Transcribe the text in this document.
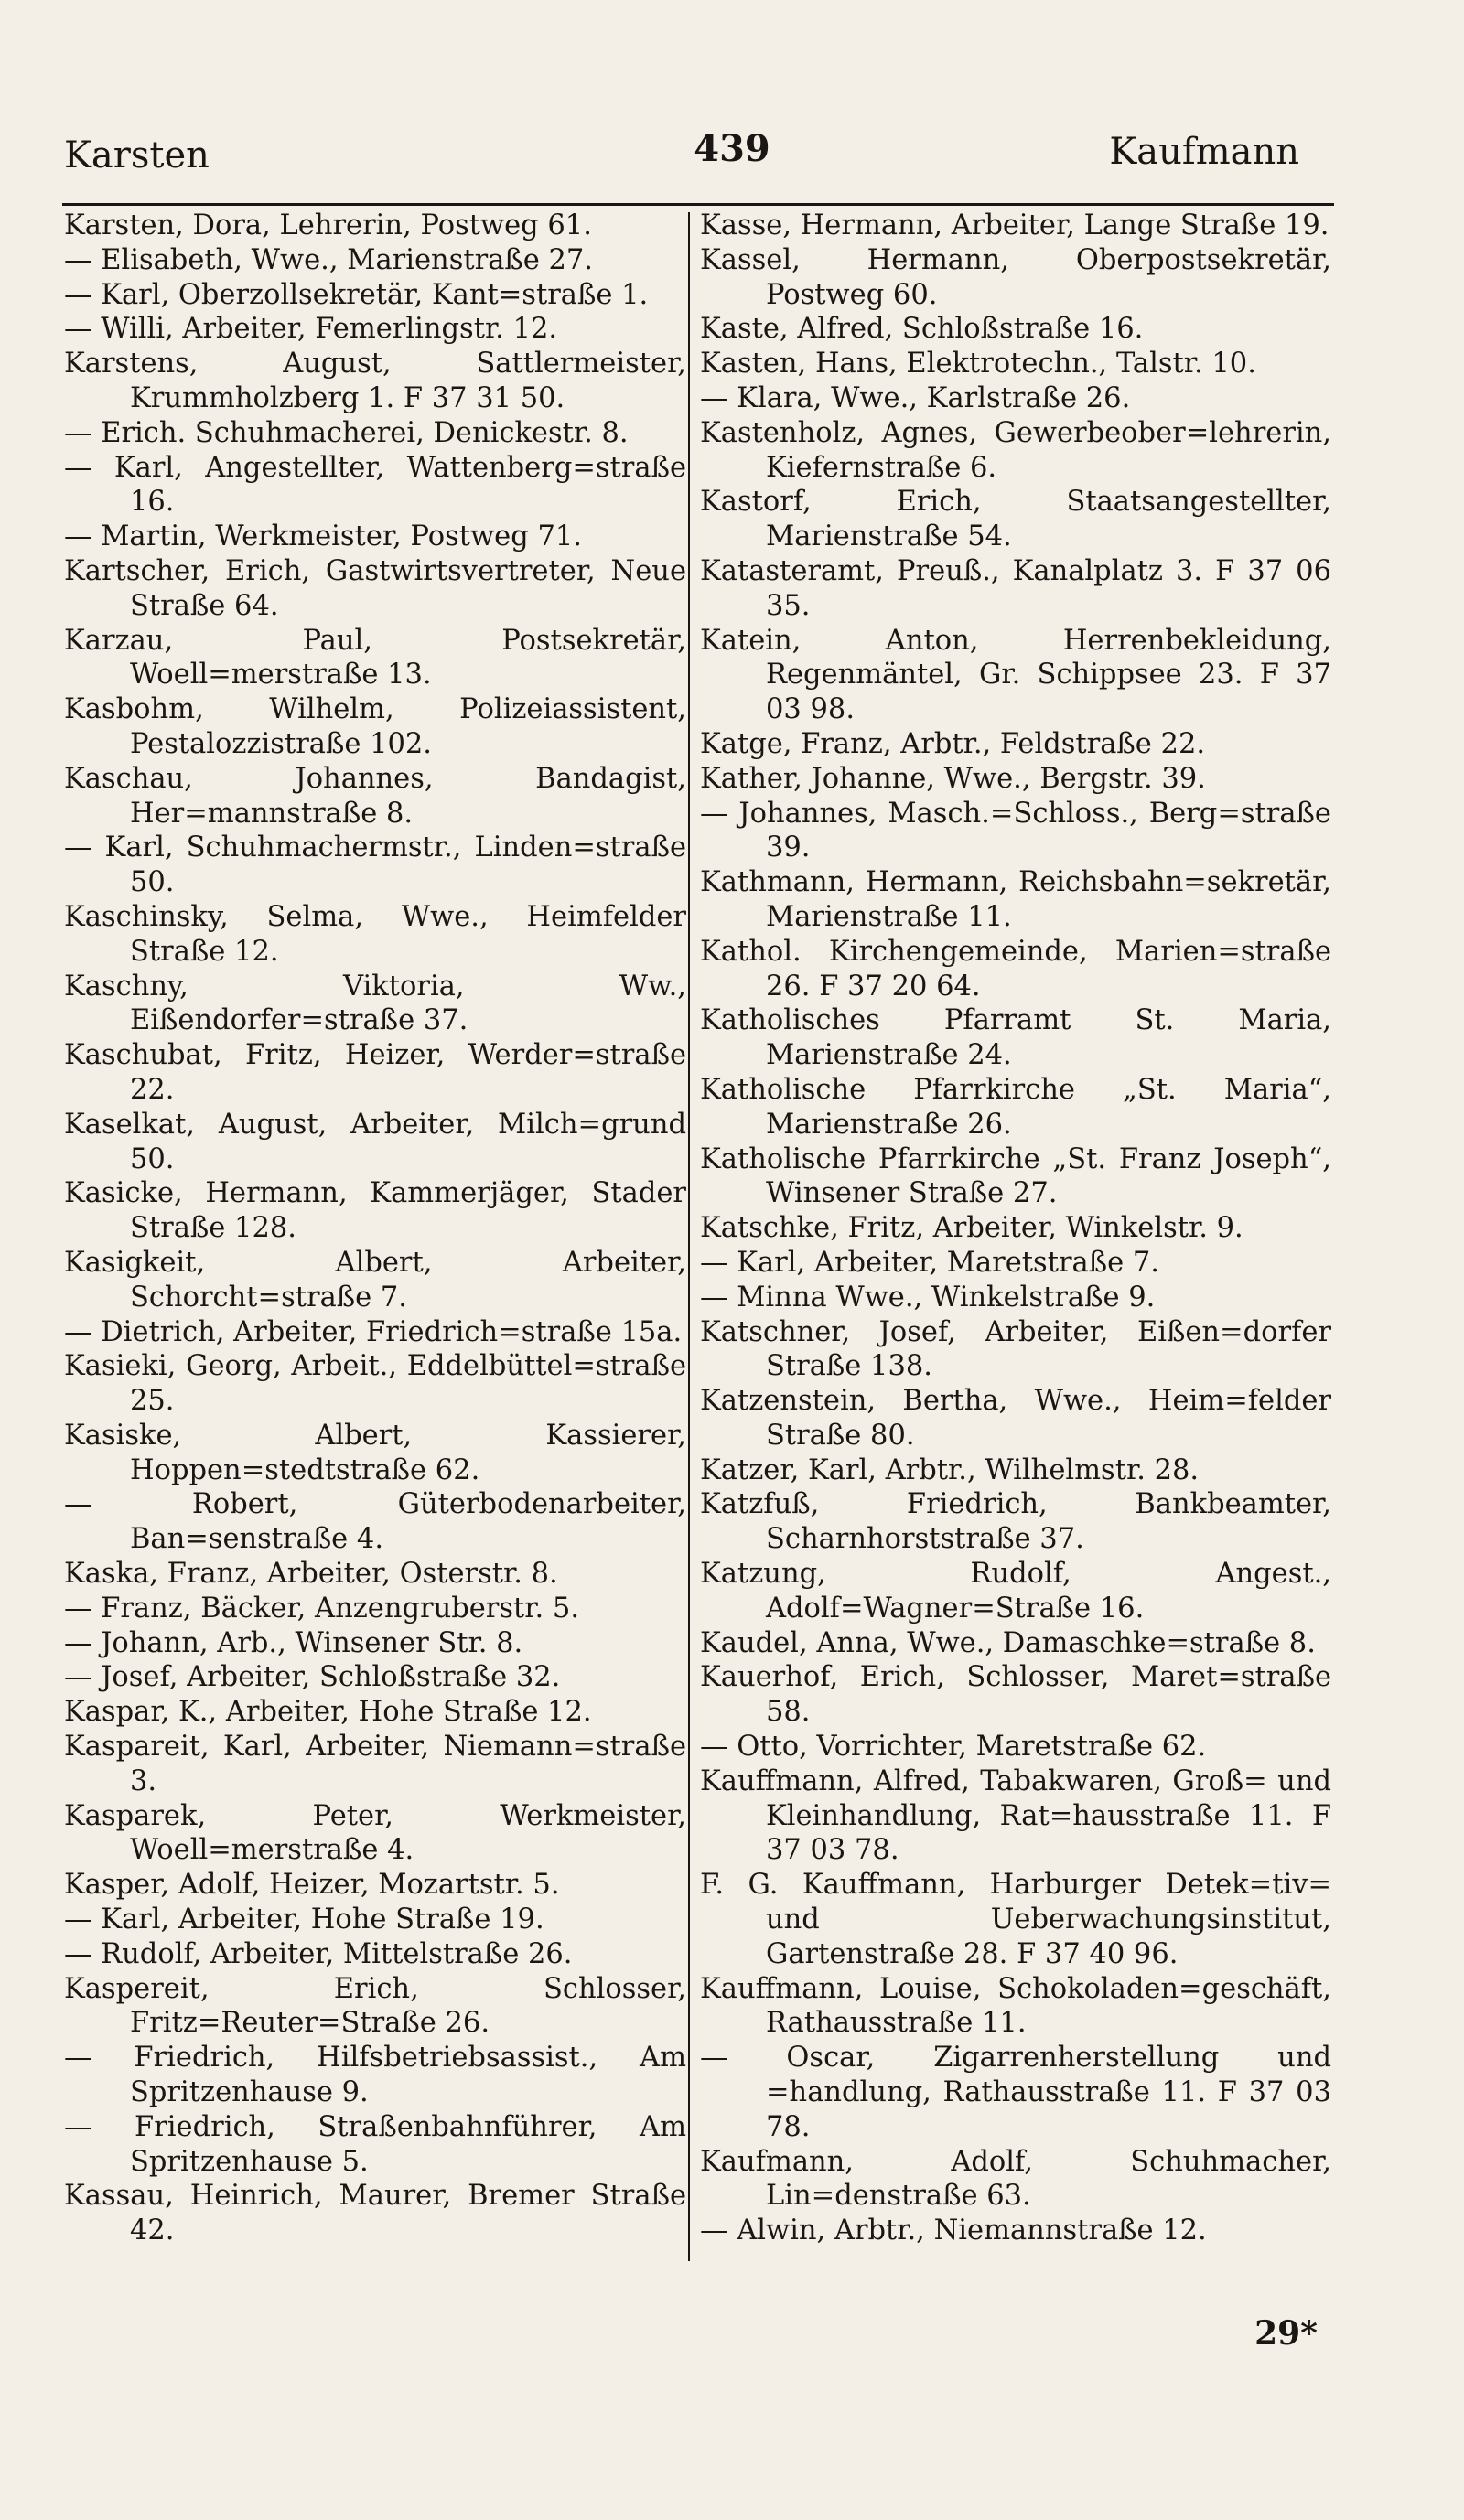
Karsten	439	Kaufmann
Karsten, Dora, Lehrerin, Postweg 61.
— Elisabeth, Wwe., Marienstraße 27.
— Karl, Oberzollsekretär, Kant=straße 1.
— Willi, Arbeiter, Femerlingstr. 12.
Karstens, August, Sattlermeister, Krummholzberg 1. F 37 31 50.
— Erich. Schuhmacherei, Denickestr. 8.
— Karl, Angestellter, Wattenberg=straße 16.
— Martin, Werkmeister, Postweg 71.
Kartscher, Erich, Gastwirtsvertreter, Neue Straße 64.
Karzau, Paul, Postsekretär, Woell=merstraße 13.
Kasbohm, Wilhelm, Polizeiassistent, Pestalozzistraße 102.
Kaschau, Johannes, Bandagist, Her=mannstraße 8.
— Karl, Schuhmachermstr., Linden=straße 50.
Kaschinsky, Selma, Wwe., Heimfelder Straße 12.
Kaschny, Viktoria, Ww., Eißendorfer=straße 37.
Kaschubat, Fritz, Heizer, Werder=straße 22.
Kaselkat, August, Arbeiter, Milch=grund 50.
Kasicke, Hermann, Kammerjäger, Stader Straße 128.
Kasigkeit, Albert, Arbeiter, Schorcht=straße 7.
— Dietrich, Arbeiter, Friedrich=straße 15a.
Kasieki, Georg, Arbeit., Eddelbüttel=straße 25.
Kasiske, Albert, Kassierer, Hoppen=stedtstraße 62.
— Robert, Güterbodenarbeiter, Ban=senstraße 4.
Kaska, Franz, Arbeiter, Osterstr. 8.
— Franz, Bäcker, Anzengruberstr. 5.
— Johann, Arb., Winsener Str. 8.
— Josef, Arbeiter, Schloßstraße 32.
Kaspar, K., Arbeiter, Hohe Straße 12.
Kaspareit, Karl, Arbeiter, Niemann=straße 3.
Kasparek, Peter, Werkmeister, Woell=merstraße 4.
Kasper, Adolf, Heizer, Mozartstr. 5.
— Karl, Arbeiter, Hohe Straße 19.
— Rudolf, Arbeiter, Mittelstraße 26.
Kaspereit, Erich, Schlosser, Fritz=Reuter=Straße 26.
— Friedrich, Hilfsbetriebsassist., Am Spritzenhause 9.
— Friedrich, Straßenbahnführer, Am Spritzenhause 5.
Kassau, Heinrich, Maurer, Bremer Straße 42.
Kasse, Hermann, Arbeiter, Lange Straße 19.
Kassel, Hermann, Oberpostsekretär, Postweg 60.
Kaste, Alfred, Schloßstraße 16.
Kasten, Hans, Elektrotechn., Talstr. 10.
— Klara, Wwe., Karlstraße 26.
Kastenholz, Agnes, Gewerbeober=lehrerin, Kiefernstraße 6.
Kastorf, Erich, Staatsangestellter, Marienstraße 54.
Katasteramt, Preuß., Kanalplatz 3. F 37 06 35.
Katein, Anton, Herrenbekleidung, Regenmäntel, Gr. Schippsee 23. F 37 03 98.
Katge, Franz, Arbtr., Feldstraße 22.
Kather, Johanne, Wwe., Bergstr. 39.
— Johannes, Masch.=Schloss., Berg=straße 39.
Kathmann, Hermann, Reichsbahn=sekretär, Marienstraße 11.
Kathol. Kirchengemeinde, Marien=straße 26. F 37 20 64.
Katholisches Pfarramt St. Maria, Marienstraße 24.
Katholische Pfarrkirche „St. Maria“, Marienstraße 26.
Katholische Pfarrkirche „St. Franz Joseph“, Winsener Straße 27.
Katschke, Fritz, Arbeiter, Winkelstr. 9.
— Karl, Arbeiter, Maretstraße 7.
— Minna Wwe., Winkelstraße 9.
Katschner, Josef, Arbeiter, Eißen=dorfer Straße 138.
Katzenstein, Bertha, Wwe., Heim=felder Straße 80.
Katzer, Karl, Arbtr., Wilhelmstr. 28.
Katzfuß, Friedrich, Bankbeamter, Scharnhorststraße 37.
Katzung, Rudolf, Angest., Adolf=Wagner=Straße 16.
Kaudel, Anna, Wwe., Damaschke=straße 8.
Kauerhof, Erich, Schlosser, Maret=straße 58.
— Otto, Vorrichter, Maretstraße 62.
Kauffmann, Alfred, Tabakwaren, Groß= und Kleinhandlung, Rat=hausstraße 11. F 37 03 78.
F. G. Kauffmann, Harburger Detek=tiv= und Ueberwachungsinstitut, Gartenstraße 28. F 37 40 96.
Kauffmann, Louise, Schokoladen=geschäft, Rathausstraße 11.
— Oscar, Zigarrenherstellung und =handlung, Rathausstraße 11. F 37 03 78.
Kaufmann, Adolf, Schuhmacher, Lin=denstraße 63.
— Alwin, Arbtr., Niemannstraße 12.
29*
